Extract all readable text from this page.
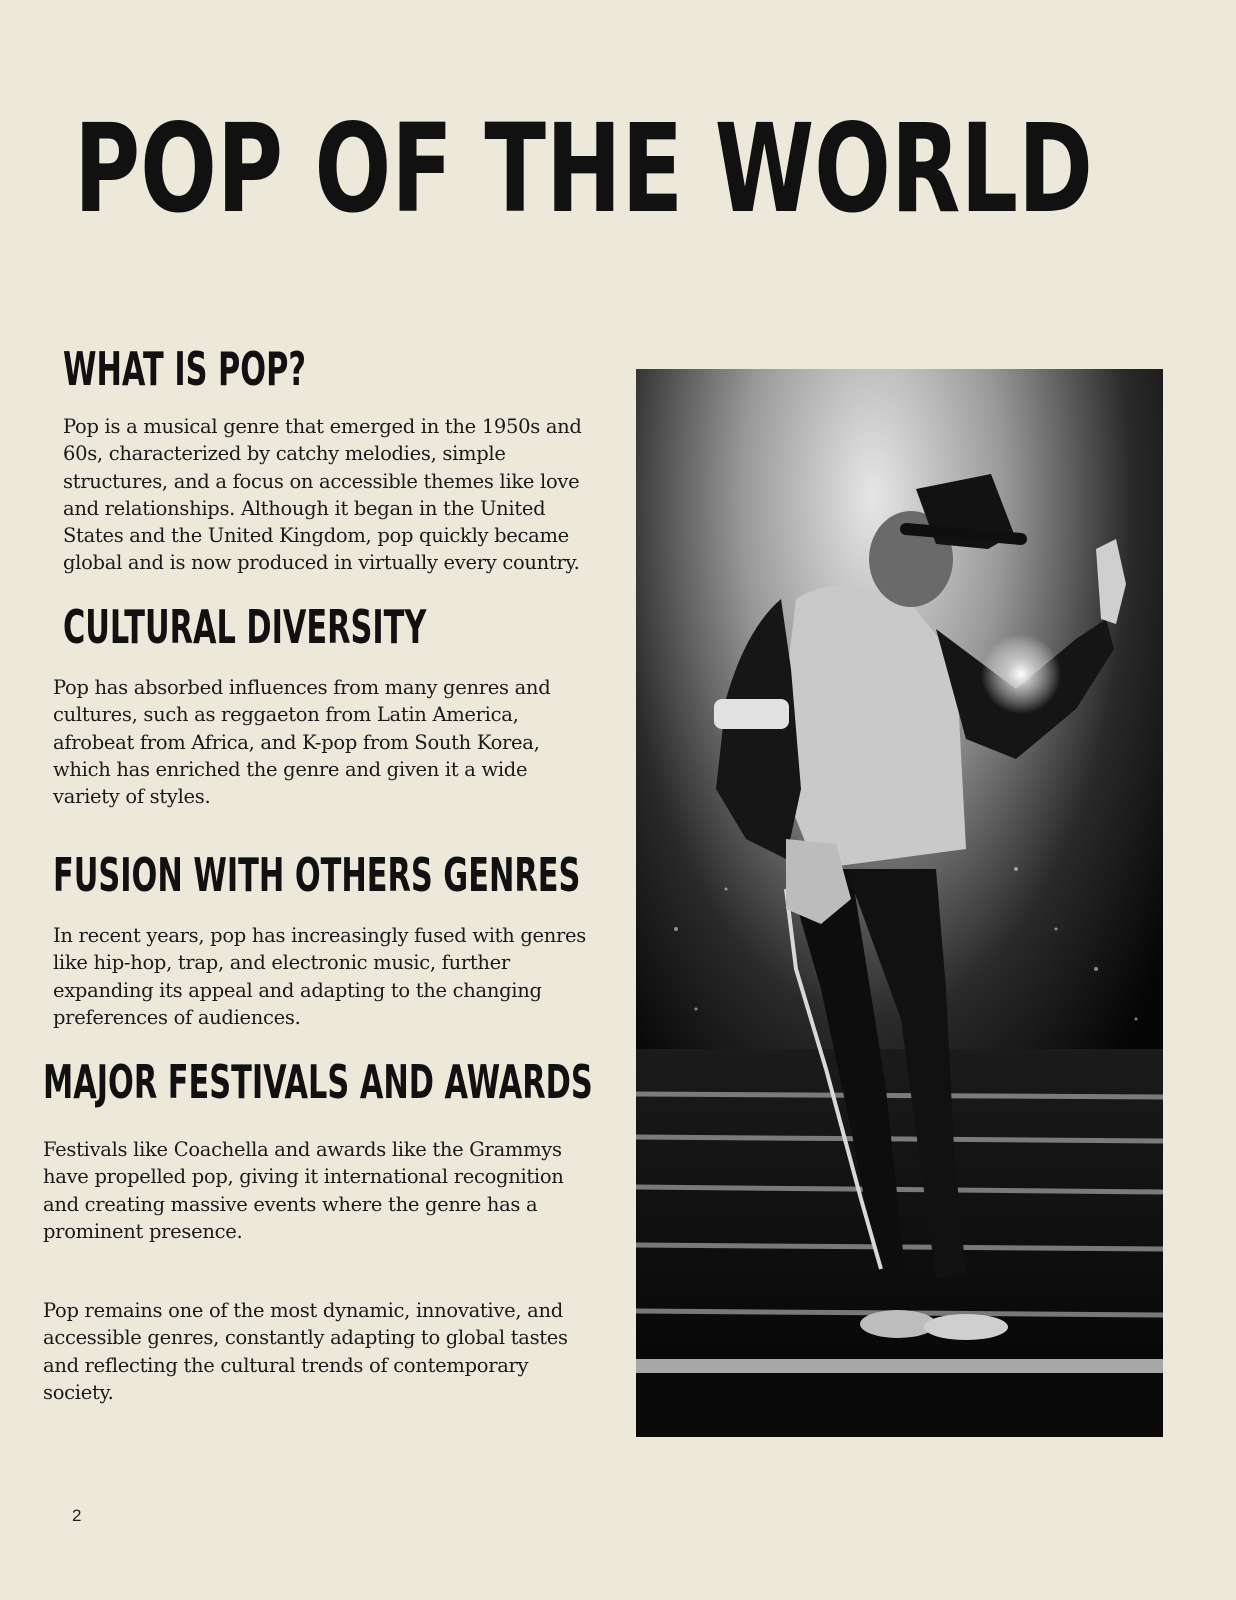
POP OF THE WORLD
WHAT IS POP?

Pop is a musical genre that emerged in the 1950s and
60s, characterized by catchy melodies, simple
structures, and a focus on accessible themes like love
and relationships. Although it began in the United
States and the United Kingdom, pop quickly became
global and is now produced in virtually every country.

CULTURAL DIVERSITY

Pop has absorbed influences from many genres and
cultures, such as reggaeton from Latin America,
afrobeat from Africa, and K-pop from South Korea,
which has enriched the genre and given it a wide
variety of styles.

FUSION WITH OTHERS GENRES

In recent years, pop has increasingly fused with genres
like hip-hop, trap, and electronic music, further
expanding its appeal and adapting to the changing
preferences of audiences.

MAJOR FESTIVALS AND AWARDS

Festivals like Coachella and awards like the Grammys
have propelled pop, giving it international recognition
and creating massive events where the genre has a
prominent presence.

Pop remains one of the most dynamic, innovative, and
accessible genres, constantly adapting to global tastes
and reflecting the cultural trends of contemporary
society.

2
